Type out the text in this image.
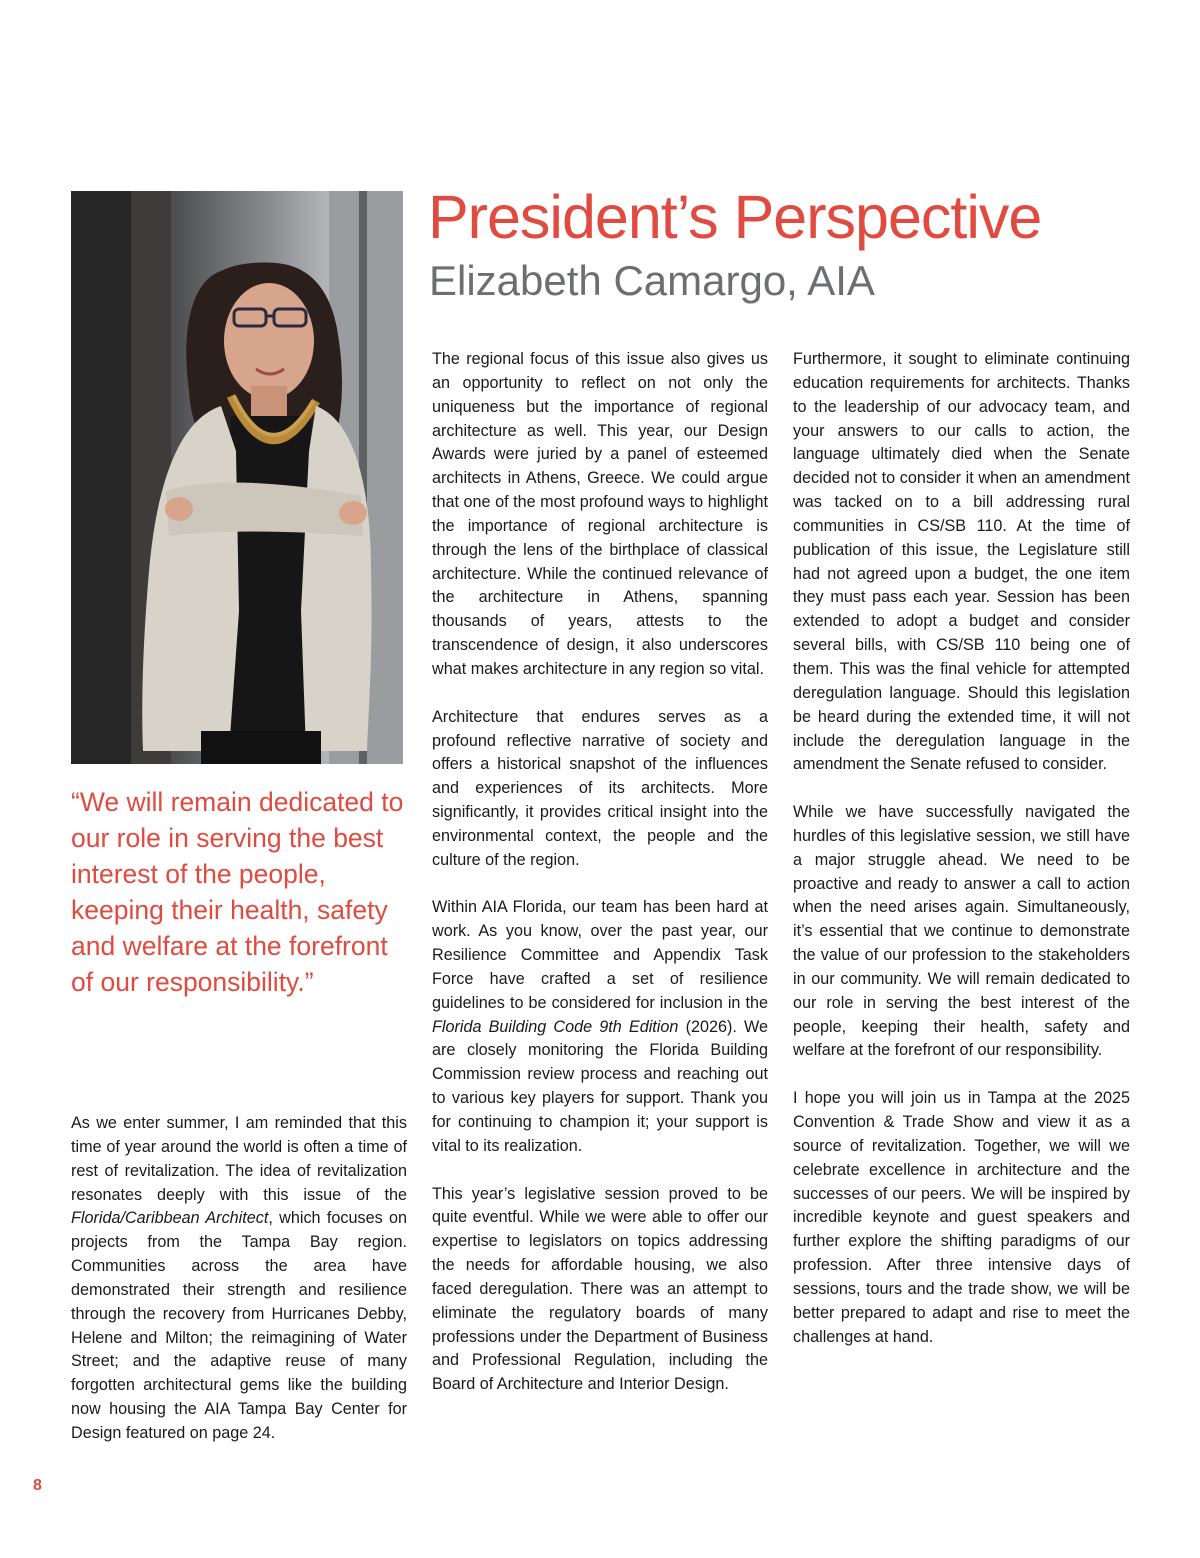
President’s Perspective
Elizabeth Camargo, AIA

“We will remain dedicated to our role in serving the best interest of the people, keeping their health, safety and welfare at the forefront of our responsibility.”

As we enter summer, I am reminded that this time of year around the world is often a time of rest of revitalization. The idea of revitalization resonates deeply with this issue of the Florida/Caribbean Architect, which focuses on projects from the Tampa Bay region. Communities across the area have demonstrated their strength and resilience through the recovery from Hurricanes Debby, Helene and Milton; the reimagining of Water Street; and the adaptive reuse of many forgotten architectural gems like the building now housing the AIA Tampa Bay Center for Design featured on page 24.

The regional focus of this issue also gives us an opportunity to reflect on not only the uniqueness but the importance of regional architecture as well. This year, our Design Awards were juried by a panel of esteemed architects in Athens, Greece. We could argue that one of the most profound ways to highlight the importance of regional architecture is through the lens of the birthplace of classical architecture. While the continued relevance of the architecture in Athens, spanning thousands of years, attests to the transcendence of design, it also underscores what makes architecture in any region so vital.

Architecture that endures serves as a profound reflective narrative of society and offers a historical snapshot of the influences and experiences of its architects. More significantly, it provides critical insight into the environmental context, the people and the culture of the region.

Within AIA Florida, our team has been hard at work. As you know, over the past year, our Resilience Committee and Appendix Task Force have crafted a set of resilience guidelines to be considered for inclusion in the Florida Building Code 9th Edition (2026). We are closely monitoring the Florida Building Commission review process and reaching out to various key players for support. Thank you for continuing to champion it; your support is vital to its realization.

This year’s legislative session proved to be quite eventful. While we were able to offer our expertise to legislators on topics addressing the needs for affordable housing, we also faced deregulation. There was an attempt to eliminate the regulatory boards of many professions under the Department of Business and Professional Regulation, including the Board of Architecture and Interior Design.

Furthermore, it sought to eliminate continuing education requirements for architects. Thanks to the leadership of our advocacy team, and your answers to our calls to action, the language ultimately died when the Senate decided not to consider it when an amendment was tacked on to a bill addressing rural communities in CS/SB 110. At the time of publication of this issue, the Legislature still had not agreed upon a budget, the one item they must pass each year. Session has been extended to adopt a budget and consider several bills, with CS/SB 110 being one of them. This was the final vehicle for attempted deregulation language. Should this legislation be heard during the extended time, it will not include the deregulation language in the amendment the Senate refused to consider.

While we have successfully navigated the hurdles of this legislative session, we still have a major struggle ahead. We need to be proactive and ready to answer a call to action when the need arises again. Simultaneously, it’s essential that we continue to demonstrate the value of our profession to the stakeholders in our community. We will remain dedicated to our role in serving the best interest of the people, keeping their health, safety and welfare at the forefront of our responsibility.

I hope you will join us in Tampa at the 2025 Convention & Trade Show and view it as a source of revitalization. Together, we will we celebrate excellence in architecture and the successes of our peers. We will be inspired by incredible keynote and guest speakers and further explore the shifting paradigms of our profession. After three intensive days of sessions, tours and the trade show, we will be better prepared to adapt and rise to meet the challenges at hand.

8
